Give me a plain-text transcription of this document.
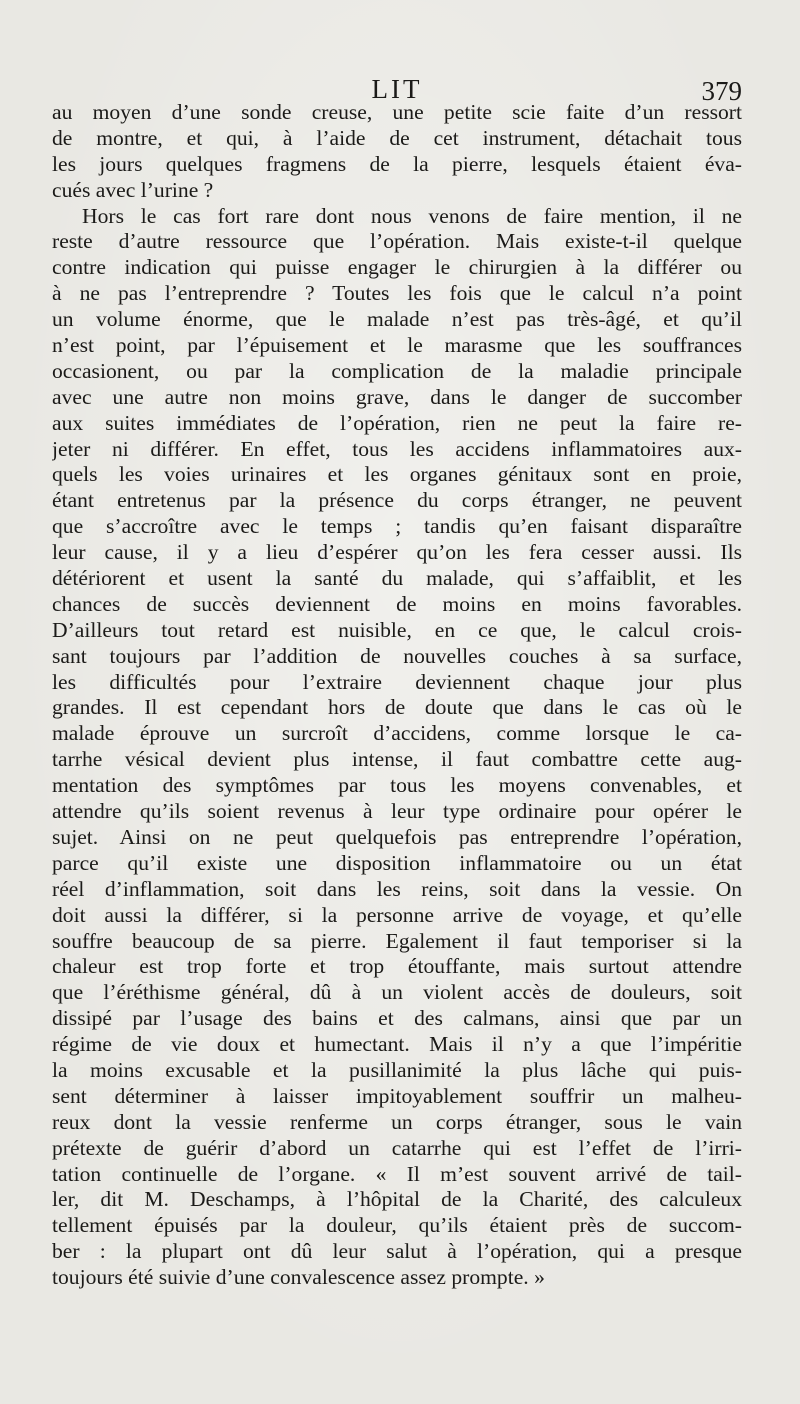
LIT	379
au moyen d’une sonde creuse, une petite scie faite d’un ressort
de montre, et qui, à l’aide de cet instrument, détachait tous
les jours quelques fragmens de la pierre, lesquels étaient éva-
cués avec l’urine ?
Hors le cas fort rare dont nous venons de faire mention, il ne
reste d’autre ressource que l’opération. Mais existe-t-il quelque
contre indication qui puisse engager le chirurgien à la différer ou
à ne pas l’entreprendre ? Toutes les fois que le calcul n’a point
un volume énorme, que le malade n’est pas très-âgé, et qu’il
n’est point, par l’épuisement et le marasme que les souffrances
occasionent, ou par la complication de la maladie principale
avec une autre non moins grave, dans le danger de succomber
aux suites immédiates de l’opération, rien ne peut la faire re-
jeter ni différer. En effet, tous les accidens inflammatoires aux-
quels les voies urinaires et les organes génitaux sont en proie,
étant entretenus par la présence du corps étranger, ne peuvent
que s’accroître avec le temps ; tandis qu’en faisant disparaître
leur cause, il y a lieu d’espérer qu’on les fera cesser aussi. Ils
détériorent et usent la santé du malade, qui s’affaiblit, et les
chances de succès deviennent de moins en moins favorables.
D’ailleurs tout retard est nuisible, en ce que, le calcul crois-
sant toujours par l’addition de nouvelles couches à sa surface,
les difficultés pour l’extraire deviennent chaque jour plus
grandes. Il est cependant hors de doute que dans le cas où le
malade éprouve un surcroît d’accidens, comme lorsque le ca-
tarrhe vésical devient plus intense, il faut combattre cette aug-
mentation des symptômes par tous les moyens convenables, et
attendre qu’ils soient revenus à leur type ordinaire pour opérer le
sujet. Ainsi on ne peut quelquefois pas entreprendre l’opération,
parce qu’il existe une disposition inflammatoire ou un état
réel d’inflammation, soit dans les reins, soit dans la vessie. On
doit aussi la différer, si la personne arrive de voyage, et qu’elle
souffre beaucoup de sa pierre. Egalement il faut temporiser si la
chaleur est trop forte et trop étouffante, mais surtout attendre
que l’éréthisme général, dû à un violent accès de douleurs, soit
dissipé par l’usage des bains et des calmans, ainsi que par un
régime de vie doux et humectant. Mais il n’y a que l’impéritie
la moins excusable et la pusillanimité la plus lâche qui puis-
sent déterminer à laisser impitoyablement souffrir un malheu-
reux dont la vessie renferme un corps étranger, sous le vain
prétexte de guérir d’abord un catarrhe qui est l’effet de l’irri-
tation continuelle de l’organe. « Il m’est souvent arrivé de tail-
ler, dit M. Deschamps, à l’hôpital de la Charité, des calculeux
tellement épuisés par la douleur, qu’ils étaient près de succom-
ber : la plupart ont dû leur salut à l’opération, qui a presque
toujours été suivie d’une convalescence assez prompte. »
